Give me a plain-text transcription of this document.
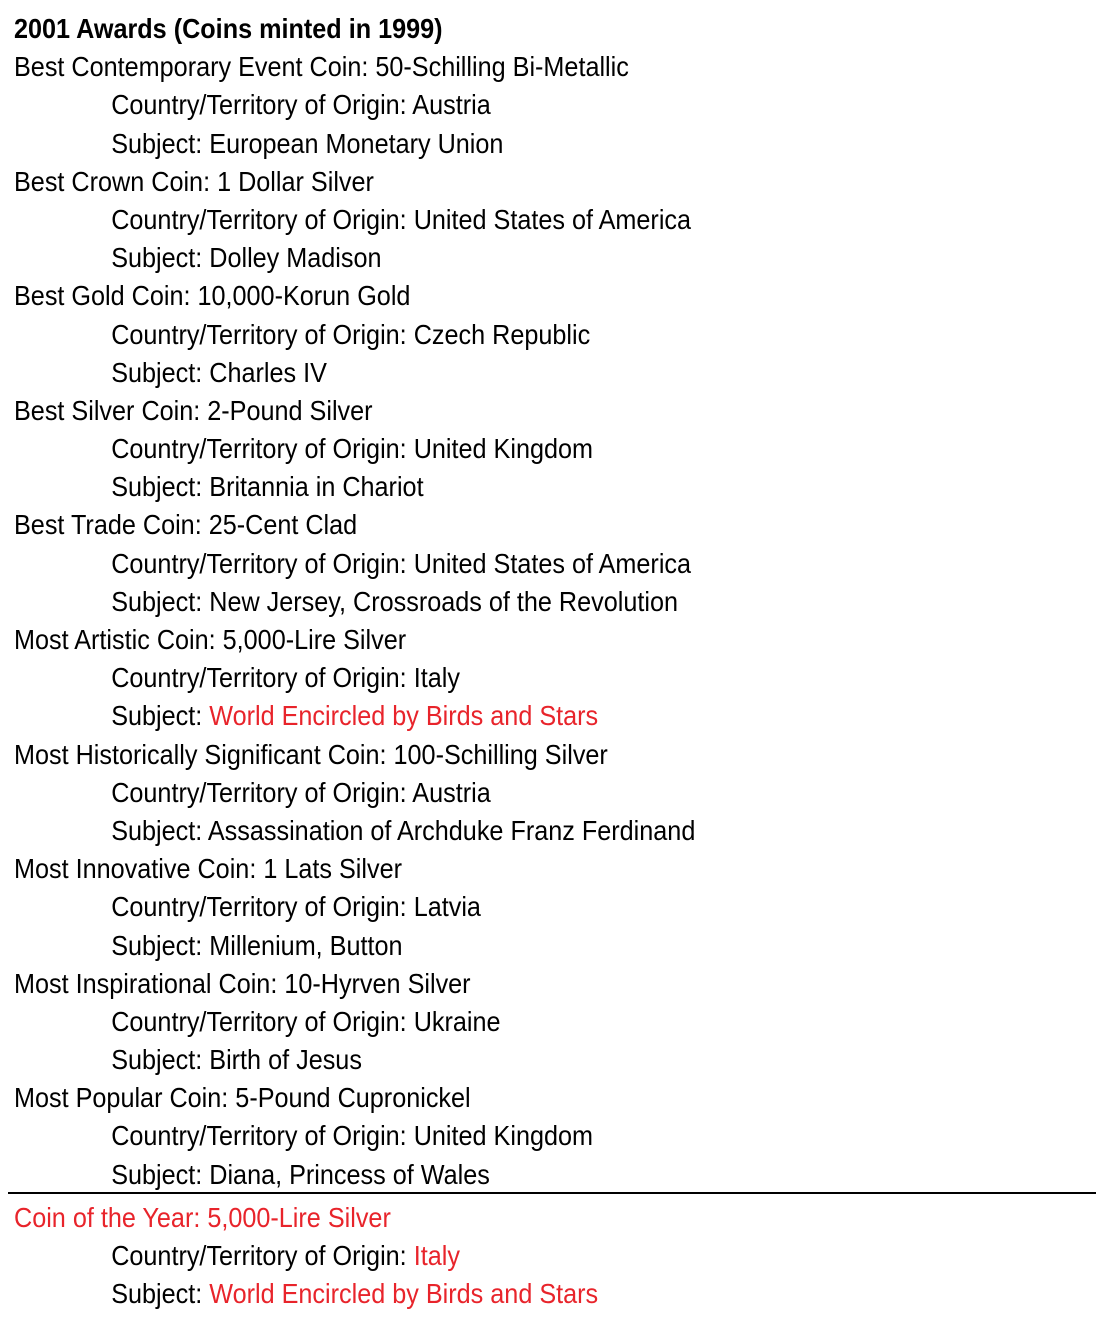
2001 Awards (Coins minted in 1999)
Best Contemporary Event Coin: 50-Schilling Bi-Metallic
Country/Territory of Origin: Austria
Subject: European Monetary Union
Best Crown Coin: 1 Dollar Silver
Country/Territory of Origin: United States of America
Subject: Dolley Madison
Best Gold Coin: 10,000-Korun Gold
Country/Territory of Origin: Czech Republic
Subject: Charles IV
Best Silver Coin: 2-Pound Silver
Country/Territory of Origin: United Kingdom
Subject: Britannia in Chariot
Best Trade Coin: 25-Cent Clad
Country/Territory of Origin: United States of America
Subject: New Jersey, Crossroads of the Revolution
Most Artistic Coin: 5,000-Lire Silver
Country/Territory of Origin: Italy
Subject: World Encircled by Birds and Stars
Most Historically Significant Coin: 100-Schilling Silver
Country/Territory of Origin: Austria
Subject: Assassination of Archduke Franz Ferdinand
Most Innovative Coin: 1 Lats Silver
Country/Territory of Origin: Latvia
Subject: Millenium, Button
Most Inspirational Coin: 10-Hyrven Silver
Country/Territory of Origin: Ukraine
Subject: Birth of Jesus
Most Popular Coin: 5-Pound Cupronickel
Country/Territory of Origin: United Kingdom
Subject: Diana, Princess of Wales
Coin of the Year: 5,000-Lire Silver
Country/Territory of Origin: Italy
Subject: World Encircled by Birds and Stars
